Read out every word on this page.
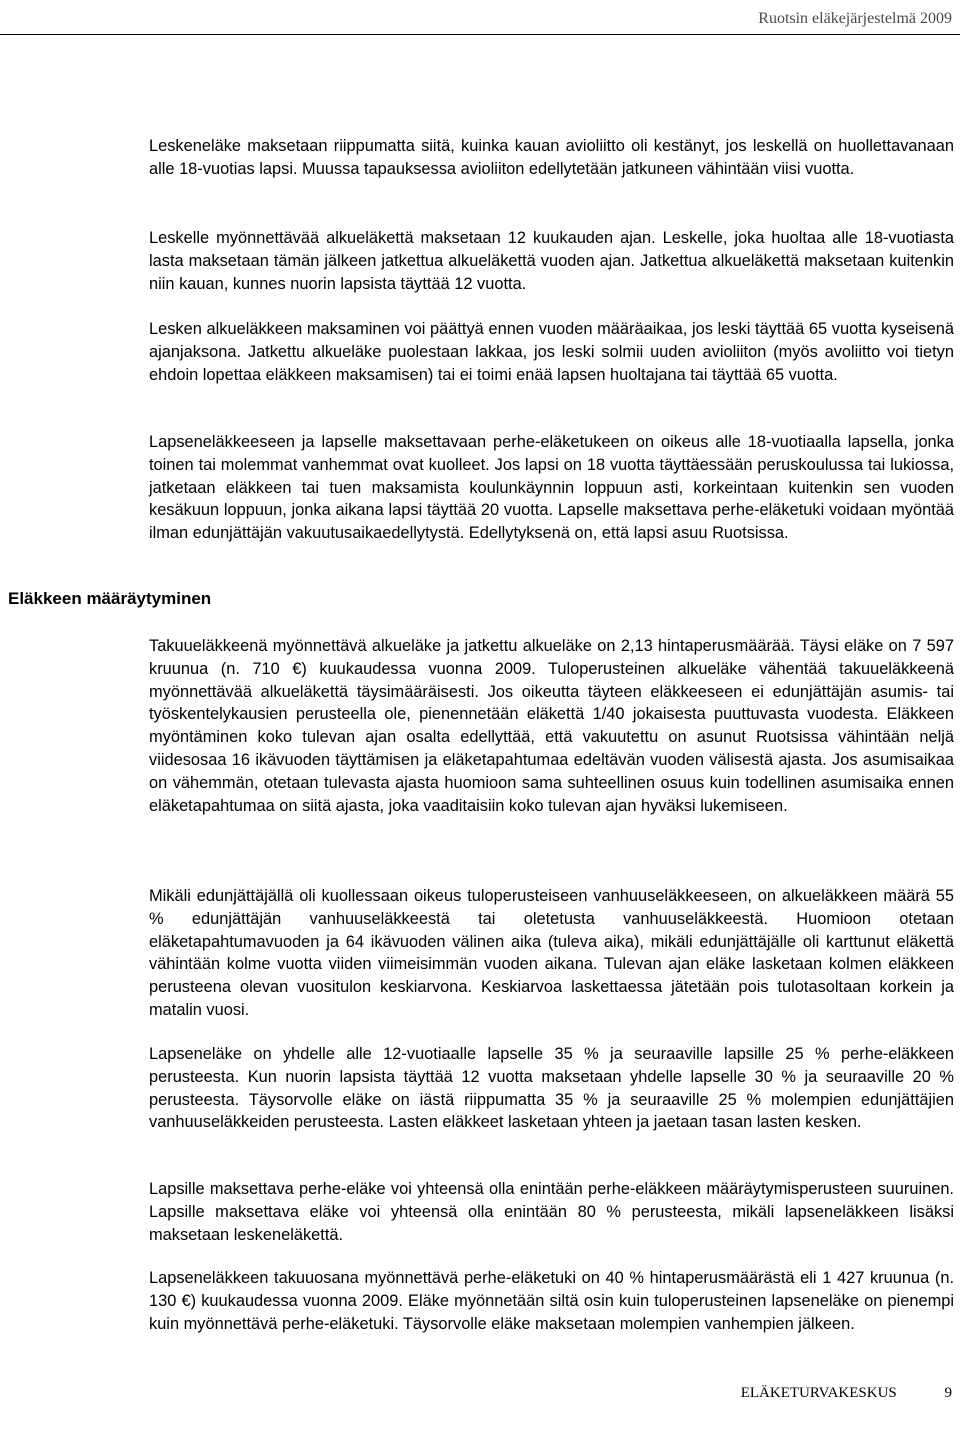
Ruotsin eläkejärjestelmä 2009
Eläkkeen määräytyminen

Leskeneläke maksetaan riippumatta siitä, kuinka kauan avioliitto oli kestänyt, jos leskellä on huollettavanaan alle 18-vuotias lapsi. Muussa tapauksessa avioliiton edellytetään jatkuneen vähintään viisi vuotta.

Leskelle myönnettävää alkueläkettä maksetaan 12 kuukauden ajan. Leskelle, joka huoltaa alle 18-vuotiasta lasta maksetaan tämän jälkeen jatkettua alkueläkettä vuoden ajan. Jatkettua alkueläkettä maksetaan kuitenkin niin kauan, kunnes nuorin lapsista täyttää 12 vuotta.

Lesken alkueläkkeen maksaminen voi päättyä ennen vuoden määräaikaa, jos leski täyttää 65 vuotta kyseisenä ajanjaksona. Jatkettu alkueläke puolestaan lakkaa, jos leski solmii uuden avioliiton (myös avoliitto voi tietyn ehdoin lopettaa eläkkeen maksamisen) tai ei toimi enää lapsen huoltajana tai täyttää 65 vuotta.

Lapseneläkkeeseen ja lapselle maksettavaan perhe-eläketukeen on oikeus alle 18-vuotiaalla lapsella, jonka toinen tai molemmat vanhemmat ovat kuolleet. Jos lapsi on 18 vuotta täyttäessään peruskoulussa tai lukiossa, jatketaan eläkkeen tai tuen maksamista koulunkäynnin loppuun asti, korkeintaan kuitenkin sen vuoden kesäkuun loppuun, jonka aikana lapsi täyttää 20 vuotta. Lapselle maksettava perhe-eläketuki voidaan myöntää ilman edunjättäjän vakuutusaikaedellytystä. Edellytyksenä on, että lapsi asuu Ruotsissa.

Takuueläkkeenä myönnettävä alkueläke ja jatkettu alkueläke on 2,13 hintaperusmäärää. Täysi eläke on 7 597 kruunua (n. 710 €) kuukaudessa vuonna 2009. Tuloperusteinen alkueläke vähentää takuueläkkeenä myönnettävää alkueläkettä täysimääräisesti. Jos oikeutta täyteen eläkkeeseen ei edunjättäjän asumis- tai työskentelykausien perusteella ole, pienennetään eläkettä 1/40 jokaisesta puuttuvasta vuodesta. Eläkkeen myöntäminen koko tulevan ajan osalta edellyttää, että vakuutettu on asunut Ruotsissa vähintään neljä viidesosaa 16 ikävuoden täyttämisen ja eläketapahtumaa edeltävän vuoden välisestä ajasta. Jos asumisaikaa on vähemmän, otetaan tulevasta ajasta huomioon sama suhteellinen osuus kuin todellinen asumisaika ennen eläketapahtumaa on siitä ajasta, joka vaaditaisiin koko tulevan ajan hyväksi lukemiseen.

Mikäli edunjättäjällä oli kuollessaan oikeus tuloperusteiseen vanhuuseläkkeeseen, on alkueläkkeen määrä 55 % edunjättäjän vanhuuseläkkeestä tai oletetusta vanhuuseläkkeestä. Huomioon otetaan eläketapahtumavuoden ja 64 ikävuoden välinen aika (tuleva aika), mikäli edunjättäjälle oli karttunut eläkettä vähintään kolme vuotta viiden viimeisimmän vuoden aikana. Tulevan ajan eläke lasketaan kolmen eläkkeen perusteena olevan vuositulon keskiarvona. Keskiarvoa laskettaessa jätetään pois tulotasoltaan korkein ja matalin vuosi.

Lapseneläke on yhdelle alle 12-vuotiaalle lapselle 35 % ja seuraaville lapsille 25 % perhe-eläkkeen perusteesta. Kun nuorin lapsista täyttää 12 vuotta maksetaan yhdelle lapselle 30 % ja seuraaville 20 % perusteesta. Täysorvolle eläke on iästä riippumatta 35 % ja seuraaville 25 % molempien edunjättäjien vanhuuseläkkeiden perusteesta. Lasten eläkkeet lasketaan yhteen ja jaetaan tasan lasten kesken.

Lapsille maksettava perhe-eläke voi yhteensä olla enintään perhe-eläkkeen määräytymisperusteen suuruinen. Lapsille maksettava eläke voi yhteensä olla enintään 80 % perusteesta, mikäli lapseneläkkeen lisäksi maksetaan leskeneläkettä.

Lapseneläkkeen takuuosana myönnettävä perhe-eläketuki on 40 % hintaperusmäärästä eli 1 427 kruunua (n. 130 €) kuukaudessa vuonna 2009. Eläke myönnetään siltä osin kuin tuloperusteinen lapseneläke on pienempi kuin myönnettävä perhe-eläketuki. Täysorvolle eläke maksetaan molempien vanhempien jälkeen.

ELÄKETURVAKESKUS	9
